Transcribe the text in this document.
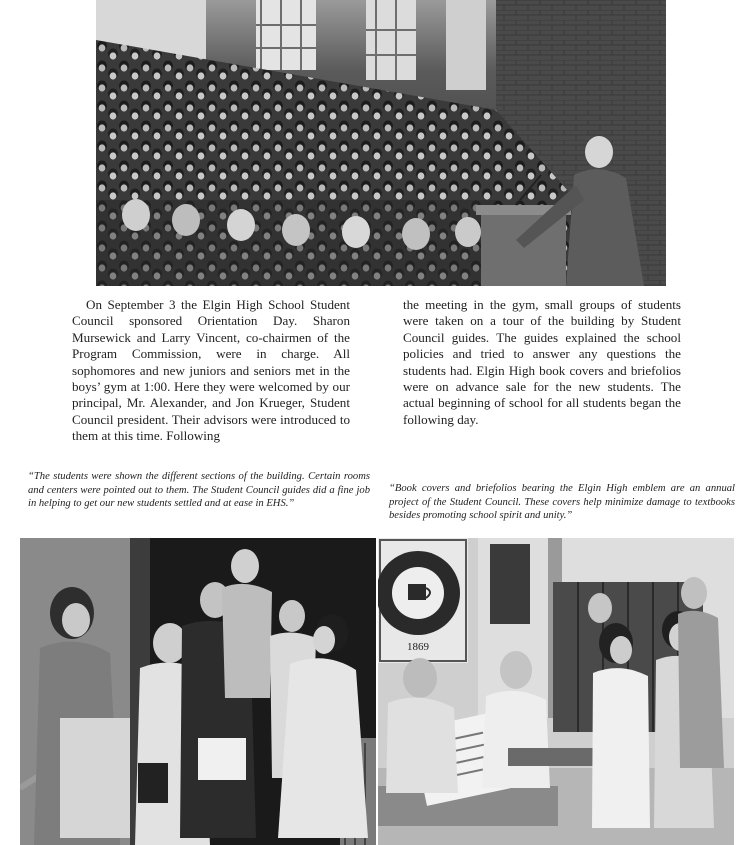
On September 3 the Elgin High School Student Council sponsored Orientation Day. Sharon Mursewick and Larry Vincent, co-chairmen of the Program Commission, were in charge. All sophomores and new juniors and seniors met in the boys’ gym at 1:00. Here they were welcomed by our principal, Mr. Alexander, and Jon Krueger, Student Council president. Their advisors were introduced to them at this time. Following
the meeting in the gym, small groups of students were taken on a tour of the building by Student Council guides. The guides explained the school policies and tried to answer any questions the students had. Elgin High book covers and briefolios were on advance sale for the new students. The actual beginning of school for all students began the following day.
“The students were shown the different sections of the building. Certain rooms and centers were pointed out to them. The Student Council guides did a fine job in helping to get our new students settled and at ease in EHS.”
“Book covers and briefolios bearing the Elgin High emblem are an annual project of the Student Council. These covers help minimize damage to textbooks besides promoting school spirit and unity.”
1869
